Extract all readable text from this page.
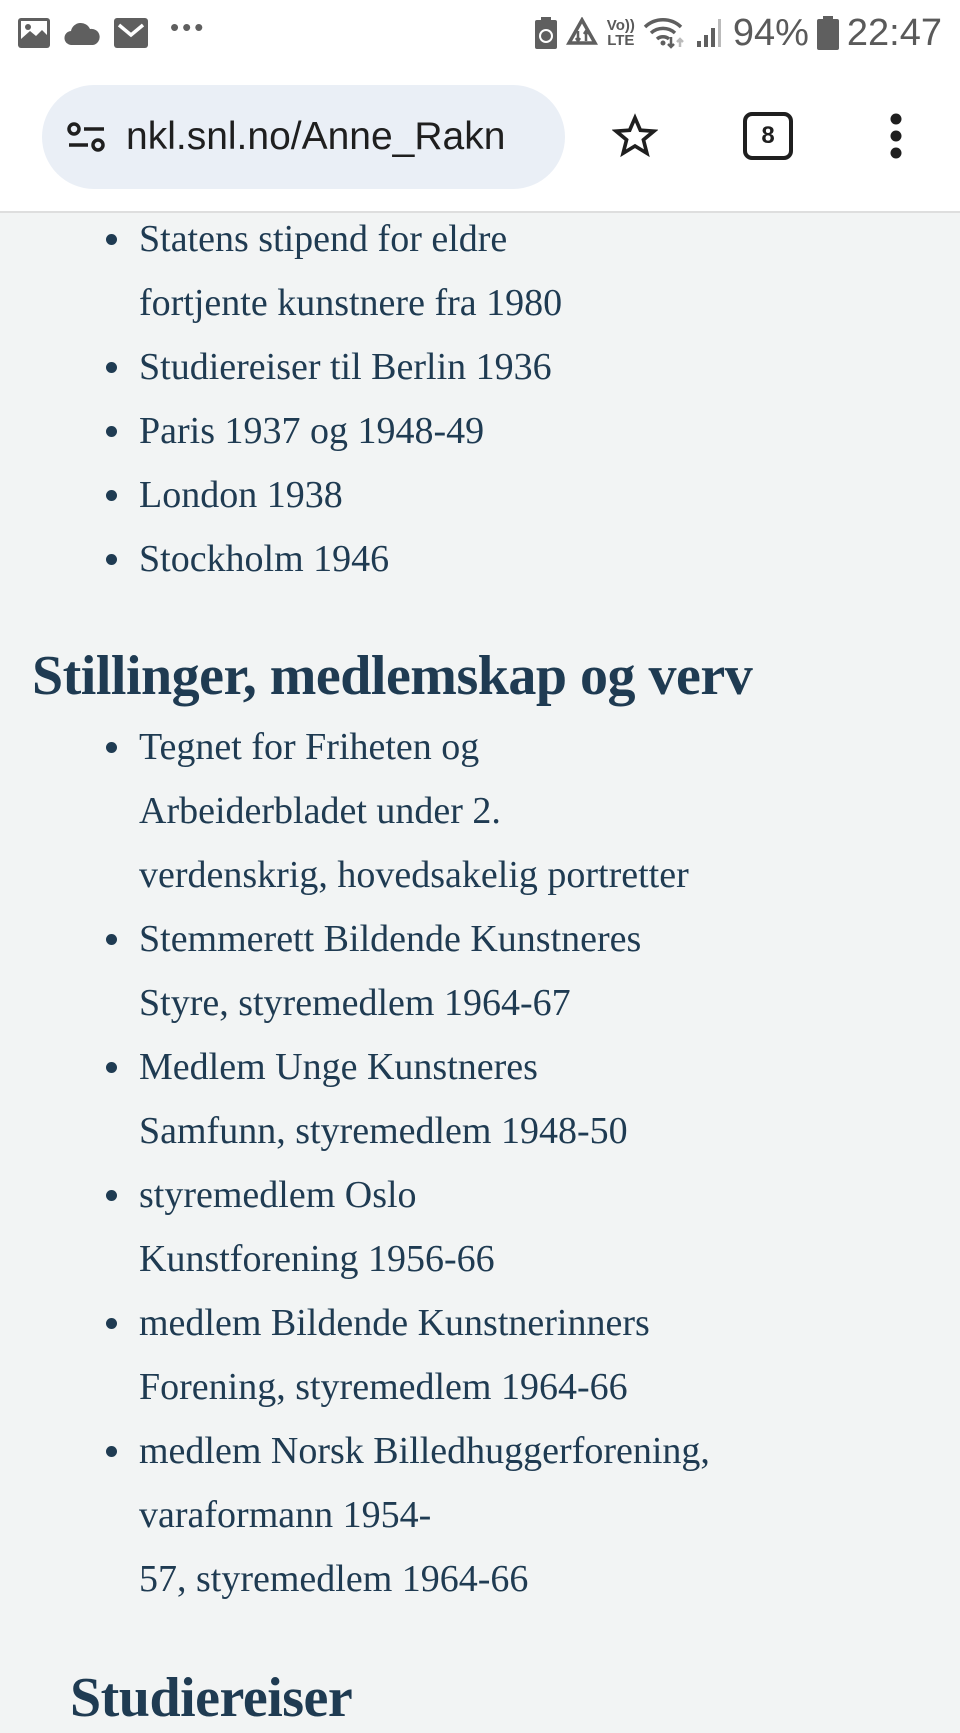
•••	Vo))
LTE	94% 22:47
nkl.snl.no/Anne_Rakn	8
Statens stipend for eldre
fortjente kunstnere fra 1980
Studiereiser til Berlin 1936
Paris 1937 og 1948-49
London 1938
Stockholm 1946
Stillinger, medlemskap og verv
Tegnet for Friheten og
Arbeiderbladet under 2.
verdenskrig, hovedsakelig portretter
Stemmerett Bildende Kunstneres
Styre, styremedlem 1964-67
Medlem Unge Kunstneres
Samfunn, styremedlem 1948-50
styremedlem Oslo
Kunstforening 1956-66
medlem Bildende Kunstnerinners
Forening, styremedlem 1964-66
medlem Norsk Billedhuggerforening,
varaformann 1954-
57, styremedlem 1964-66
Studiereiser
